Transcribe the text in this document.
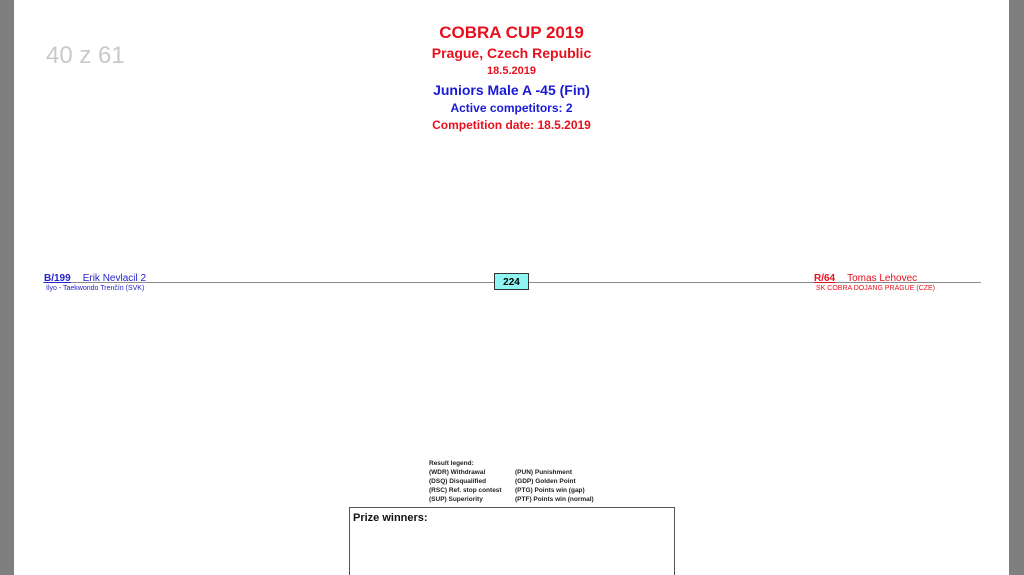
40 z 61
COBRA CUP 2019
Prague, Czech Republic
18.5.2019
Juniors Male A -45 (Fin)
Active competitors: 2
Competition date: 18.5.2019
B/199 Erik Nevlacil 2
Ilyo - Taekwondo Trenčín (SVK)
224	R/64 Tomas Lehovec
SK COBRA DOJANG PRAGUE (CZE)
Result legend:
(WDR) Withdrawal	(PUN) Punishment
(DSQ) Disqualified	(GDP) Golden Point
(RSC) Ref. stop contest	(PTG) Points win (gap)
(SUP) Superiority	(PTF) Points win (normal)
Prize winners:
